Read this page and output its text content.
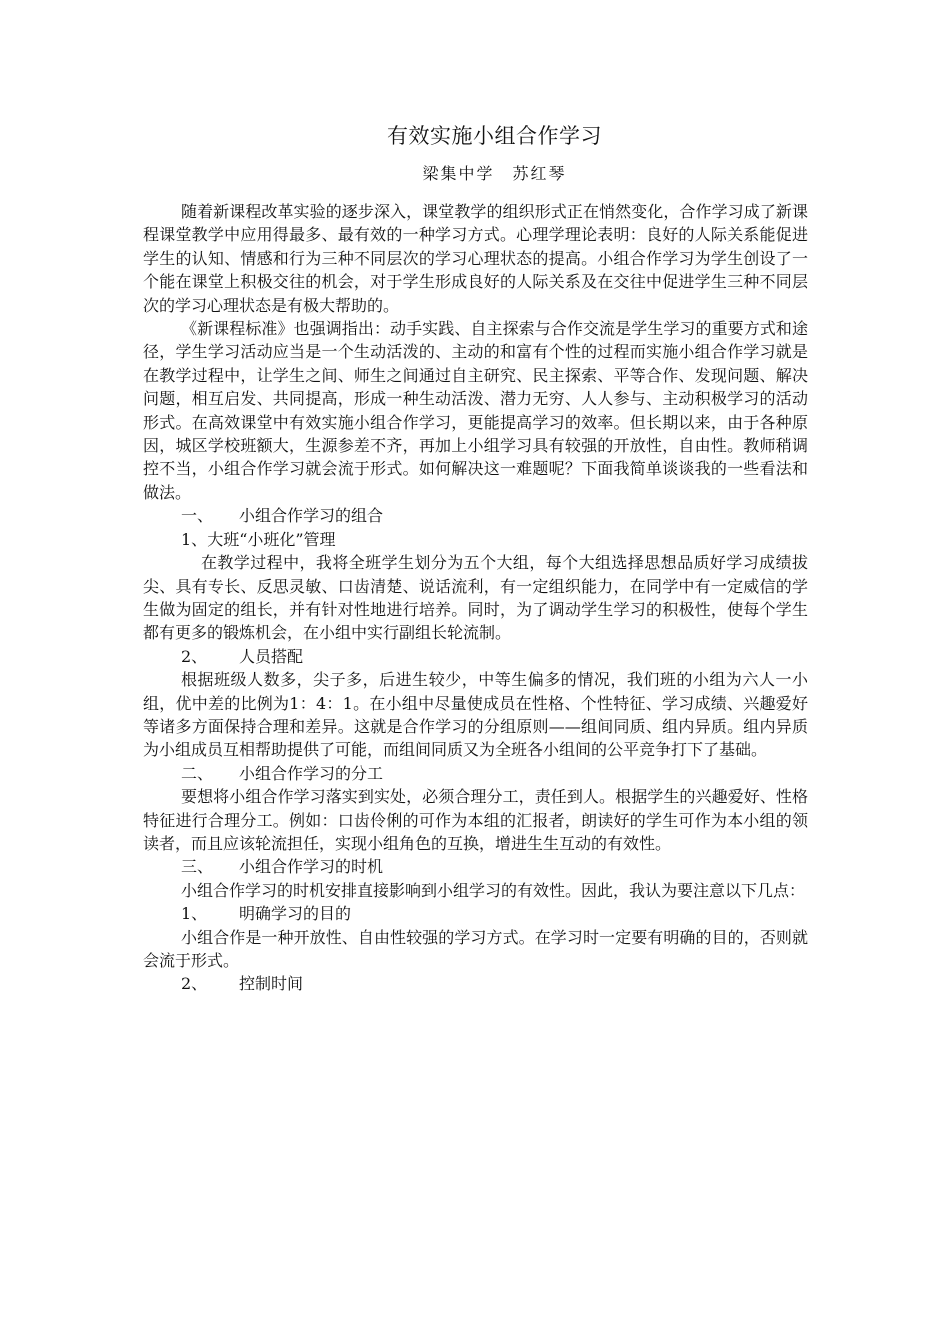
有效实施小组合作学习
梁集中学 苏红琴

随着新课程改革实验的逐步深入，课堂教学的组织形式正在悄然变化，合作学习成了新课程课堂教学中应用得最多、最有效的一种学习方式。心理学理论表明：良好的人际关系能促进学生的认知、情感和行为三种不同层次的学习心理状态的提高。小组合作学习为学生创设了一个能在课堂上积极交往的机会，对于学生形成良好的人际关系及在交往中促进学生三种不同层次的学习心理状态是有极大帮助的。

《新课程标准》也强调指出：动手实践、自主探索与合作交流是学生学习的重要方式和途径，学生学习活动应当是一个生动活泼的、主动的和富有个性的过程而实施小组合作学习就是在教学过程中，让学生之间、师生之间通过自主研究、民主探索、平等合作、发现问题、解决问题，相互启发、共同提高，形成一种生动活泼、潜力无穷、人人参与、主动积极学习的活动形式。在高效课堂中有效实施小组合作学习，更能提高学习的效率。但长期以来，由于各种原因，城区学校班额大，生源参差不齐，再加上小组学习具有较强的开放性，自由性。教师稍调控不当，小组合作学习就会流于形式。如何解决这一难题呢？下面我简单谈谈我的一些看法和做法。

一、 小组合作学习的组合
1、大班“小班化”管理

在教学过程中，我将全班学生划分为五个大组，每个大组选择思想品质好学习成绩拔尖、具有专长、反思灵敏、口齿清楚、说话流利，有一定组织能力，在同学中有一定威信的学生做为固定的组长，并有针对性地进行培养。同时，为了调动学生学习的积极性，使每个学生都有更多的锻炼机会，在小组中实行副组长轮流制。

2、 人员搭配

根据班级人数多，尖子多，后进生较少，中等生偏多的情况，我们班的小组为六人一小组，优中差的比例为1：4：1。在小组中尽量使成员在性格、个性特征、学习成绩、兴趣爱好等诸多方面保持合理和差异。这就是合作学习的分组原则——组间同质、组内异质。组内异质为小组成员互相帮助提供了可能，而组间同质又为全班各小组间的公平竞争打下了基础。

二、 小组合作学习的分工

要想将小组合作学习落实到实处，必须合理分工，责任到人。根据学生的兴趣爱好、性格特征进行合理分工。例如：口齿伶俐的可作为本组的汇报者，朗读好的学生可作为本小组的领读者，而且应该轮流担任，实现小组角色的互换，增进生生互动的有效性。

三、 小组合作学习的时机

小组合作学习的时机安排直接影响到小组学习的有效性。因此，我认为要注意以下几点：

1、 明确学习的目的

小组合作是一种开放性、自由性较强的学习方式。在学习时一定要有明确的目的，否则就会流于形式。

2、 控制时间
